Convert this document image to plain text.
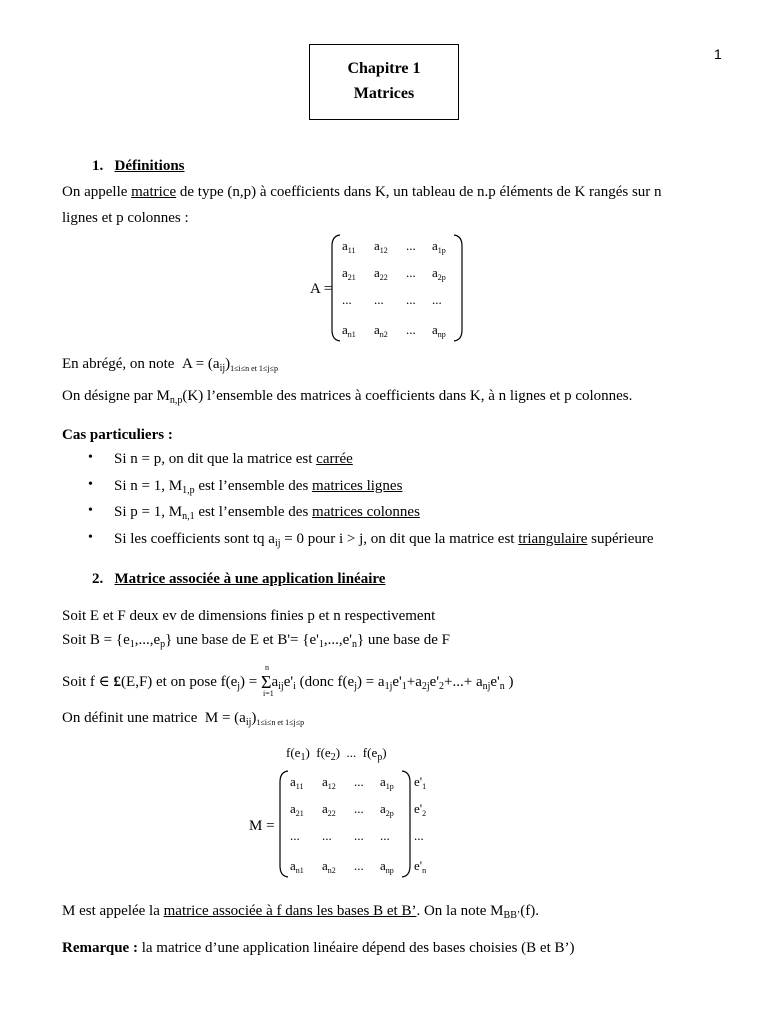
1
Chapitre 1
Matrices
1. Définitions
On appelle matrice de type (n,p) à coefficients dans K, un tableau de n.p éléments de K rangés sur n
lignes et p colonnes :
A =
$a_{11}$ $a_{12}$ ... $a_{1p}$
$a_{21}$ $a_{22}$ ... $a_{2p}$
... ... ... ...
$a_{n1}$ $a_{n2}$ ... $a_{np}$
En abrégé, on note $A = (a_{ij})_{1\le i\le n et 1\le j\le p}$
On désigne par $M_{n,p}(K)$ l’ensemble des matrices à coefficients dans K, à n lignes et p colonnes.
Cas particuliers :
• Si n = p, on dit que la matrice est carrée
• Si n = 1, $M_{1,p}$ est l’ensemble des matrices lignes
• Si p = 1, $M_{n,1}$ est l’ensemble des matrices colonnes
• Si les coefficients sont tq $a_{ij} = 0$ pour i > j, on dit que la matrice est triangulaire supérieure
2. Matrice associée à une application linéaire
Soit E et F deux ev de dimensions finies p et n respectivement
Soit $B = \{e_1,...,e_p\}$ une base de E et $B'= \{e'_1,...,e'_n\}$ une base de F
Soit f ∈ £(E,F) et on pose $f(e_j)$ =
n
Σ
i=1
$a_{ij}e'_i$ (donc $f(e_j) = a_{1j}e'_1+a_{2j}e'_2+...+ a_{nj}e'_n$ )
On définit une matrice $M = (a_{ij})_{1\le i\le n et 1\le j\le p}$
$f(e_1)$  $f(e_2)$  ...  $f(e_p)$
M =
$a_{11}$ $a_{12}$ ... $a_{1p}$
$a_{21}$ $a_{22}$ ... $a_{2p}$
... ... ... ...
$a_{n1}$ $a_{n2}$ ... $a_{np}$
$e'_1$
$e'_2$
...
$e'_n$
M est appelée la matrice associée à f dans les bases B et B’. On la note $M_{BB’}(f)$.
Remarque : la matrice d’une application linéaire dépend des bases choisies (B et B’)
